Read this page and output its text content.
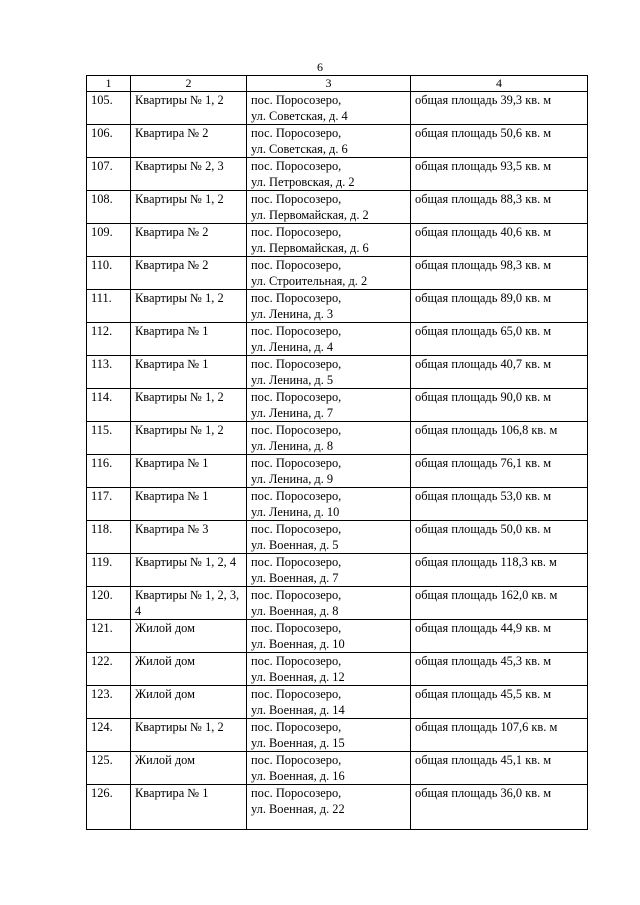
6
1	2	3	4
105.	Квартиры № 1, 2	пос. Поросозеро,
ул. Советская, д. 4	общая площадь 39,3 кв. м
106.	Квартира № 2	пос. Поросозеро,
ул. Советская, д. 6	общая площадь 50,6 кв. м
107.	Квартиры № 2, 3	пос. Поросозеро,
ул. Петровская, д. 2	общая площадь 93,5 кв. м
108.	Квартиры № 1, 2	пос. Поросозеро,
ул. Первомайская, д. 2	общая площадь 88,3 кв. м
109.	Квартира № 2	пос. Поросозеро,
ул. Первомайская, д. 6	общая площадь 40,6 кв. м
110.	Квартира № 2	пос. Поросозеро,
ул. Строительная, д. 2	общая площадь 98,3 кв. м
111.	Квартиры № 1, 2	пос. Поросозеро,
ул. Ленина, д. 3	общая площадь 89,0 кв. м
112.	Квартира № 1	пос. Поросозеро,
ул. Ленина, д. 4	общая площадь 65,0 кв. м
113.	Квартира № 1	пос. Поросозеро,
ул. Ленина, д. 5	общая площадь 40,7 кв. м
114.	Квартиры № 1, 2	пос. Поросозеро,
ул. Ленина, д. 7	общая площадь 90,0 кв. м
115.	Квартиры № 1, 2	пос. Поросозеро,
ул. Ленина, д. 8	общая площадь 106,8 кв. м
116.	Квартира № 1	пос. Поросозеро,
ул. Ленина, д. 9	общая площадь 76,1 кв. м
117.	Квартира № 1	пос. Поросозеро,
ул. Ленина, д. 10	общая площадь 53,0 кв. м
118.	Квартира № 3	пос. Поросозеро,
ул. Военная, д. 5	общая площадь 50,0 кв. м
119.	Квартиры № 1, 2, 4	пос. Поросозеро,
ул. Военная, д. 7	общая площадь 118,3 кв. м
120.	Квартиры № 1, 2, 3, 4	пос. Поросозеро,
ул. Военная, д. 8	общая площадь 162,0 кв. м
121.	Жилой дом	пос. Поросозеро,
ул. Военная, д. 10	общая площадь 44,9 кв. м
122.	Жилой дом	пос. Поросозеро,
ул. Военная, д. 12	общая площадь 45,3 кв. м
123.	Жилой дом	пос. Поросозеро,
ул. Военная, д. 14	общая площадь 45,5 кв. м
124.	Квартиры № 1, 2	пос. Поросозеро,
ул. Военная, д. 15	общая площадь 107,6 кв. м
125.	Жилой дом	пос. Поросозеро,
ул. Военная, д. 16	общая площадь 45,1 кв. м
126.	Квартира № 1	пос. Поросозеро,
ул. Военная, д. 22	общая площадь 36,0 кв. м
